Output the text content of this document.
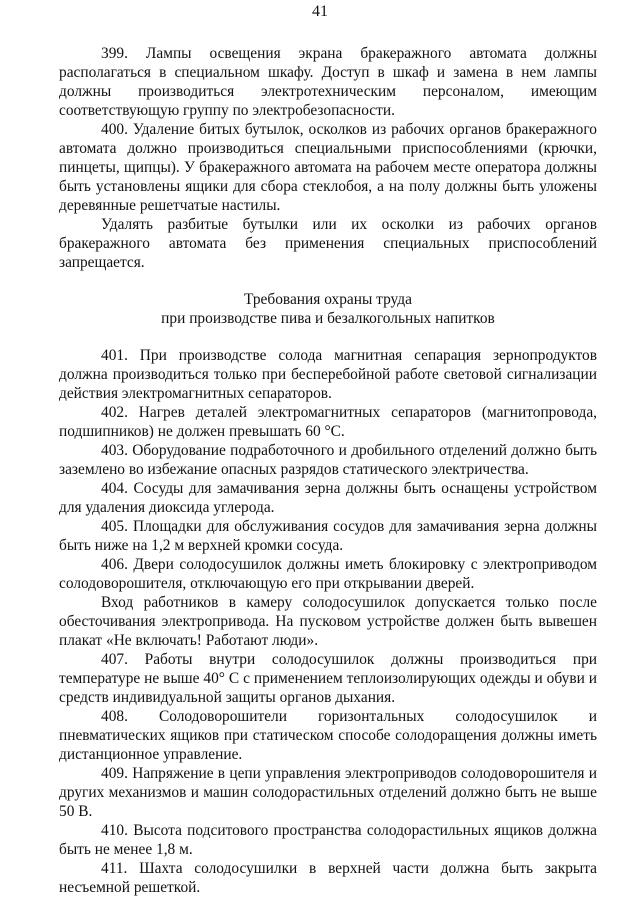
41

399. Лампы освещения экрана бракеражного автомата должны располагаться в специальном шкафу. Доступ в шкаф и замена в нем лампы должны производиться электротехническим персоналом, имеющим соответствующую группу по электробезопасности.

400. Удаление битых бутылок, осколков из рабочих органов бракеражного автомата должно производиться специальными приспособлениями (крючки, пинцеты, щипцы). У бракеражного автомата на рабочем месте оператора должны быть установлены ящики для сбора стеклобоя, а на полу должны быть уложены деревянные решетчатые настилы.

Удалять разбитые бутылки или их осколки из рабочих органов бракеражного автомата без применения специальных приспособлений запрещается.

Требования охраны труда

при производстве пива и безалкогольных напитков

401. При производстве солода магнитная сепарация зернопродуктов должна производиться только при бесперебойной работе световой сигнализации действия электромагнитных сепараторов.

402. Нагрев деталей электромагнитных сепараторов (магнитопровода, подшипников) не должен превышать 60 °С.

403. Оборудование подработочного и дробильного отделений должно быть заземлено во избежание опасных разрядов статического электричества.

404. Сосуды для замачивания зерна должны быть оснащены устройством для удаления диоксида углерода.

405. Площадки для обслуживания сосудов для замачивания зерна должны быть ниже на 1,2 м верхней кромки сосуда.

406. Двери солодосушилок должны иметь блокировку с электроприводом солодоворошителя, отключающую его при открывании дверей.

Вход работников в камеру солодосушилок допускается только после обесточивания электропривода. На пусковом устройстве должен быть вывешен плакат «Не включать! Работают люди».

407. Работы внутри солодосушилок должны производиться при температуре не выше 40° С с применением теплоизолирующих одежды и обуви и средств индивидуальной защиты органов дыхания.

408. Солодоворошители горизонтальных солодосушилок и пневматических ящиков при статическом способе солодоращения должны иметь дистанционное управление.

409. Напряжение в цепи управления электроприводов солодоворошителя и других механизмов и машин солодорастильных отделений должно быть не выше 50 В.

410. Высота подситового пространства солодорастильных ящиков должна быть не менее 1,8 м.

411. Шахта солодосушилки в верхней части должна быть закрыта несъемной решеткой.
